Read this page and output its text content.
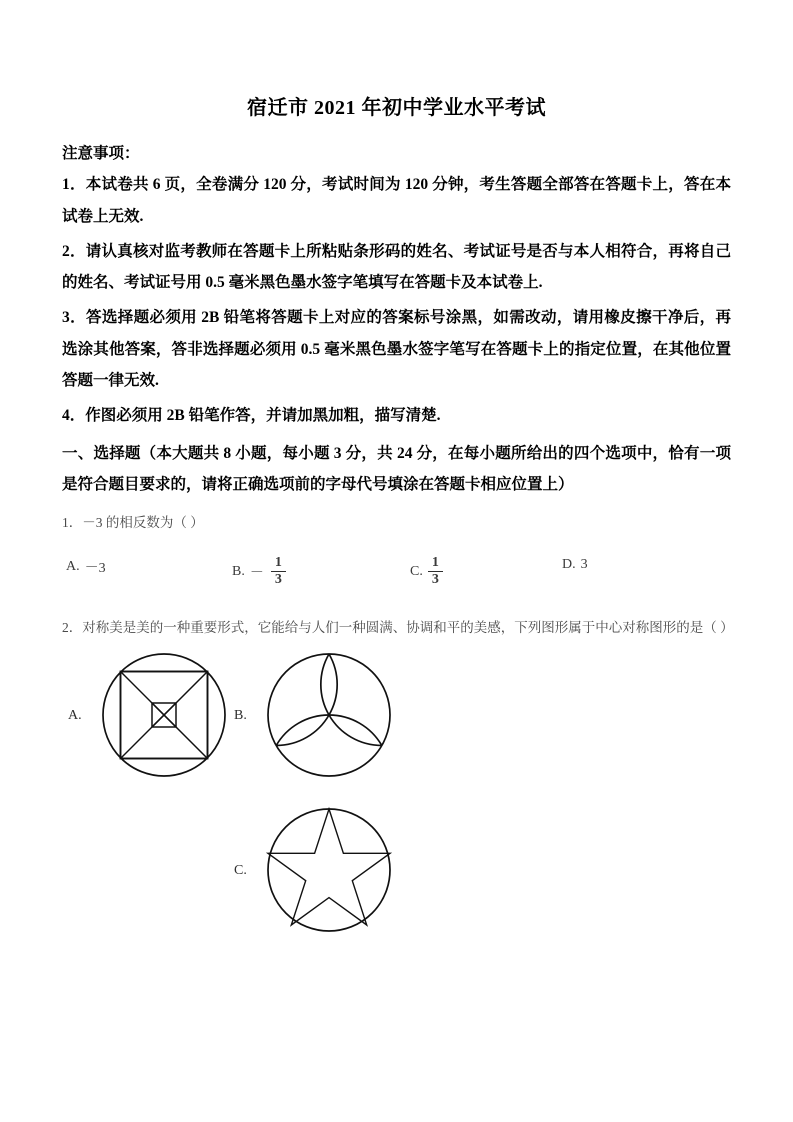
宿迁市 2021 年初中学业水平考试
注意事项：
1．本试卷共 6 页，全卷满分 120 分，考试时间为 120 分钟，考生答题全部答在答题卡上，答在本试卷上无效.
2．请认真核对监考教师在答题卡上所粘贴条形码的姓名、考试证号是否与本人相符合，再将自己的姓名、考试证号用 0.5 毫米黑色墨水签字笔填写在答题卡及本试卷上.
3．答选择题必须用 2B 铅笔将答题卡上对应的答案标号涂黑，如需改动，请用橡皮擦干净后，再选涂其他答案，答非选择题必须用 0.5 毫米黑色墨水签字笔写在答题卡上的指定位置，在其他位置答题一律无效.
4．作图必须用 2B 铅笔作答，并请加黑加粗，描写清楚.
一、选择题（本大题共 8 小题，每小题 3 分，共 24 分，在每小题所给出的四个选项中，恰有一项是符合题目要求的，请将正确选项前的字母代号填涂在答题卡相应位置上）
1．－3 的相反数为（ ）
A. －3	B. － $\frac{1}{3}$	C. $\frac{1}{3}$	D. 3
2．对称美是美的一种重要形式，它能给与人们一种圆满、协调和平的美感，下列图形属于中心对称图形的是（ ）
A.	B.
C.
